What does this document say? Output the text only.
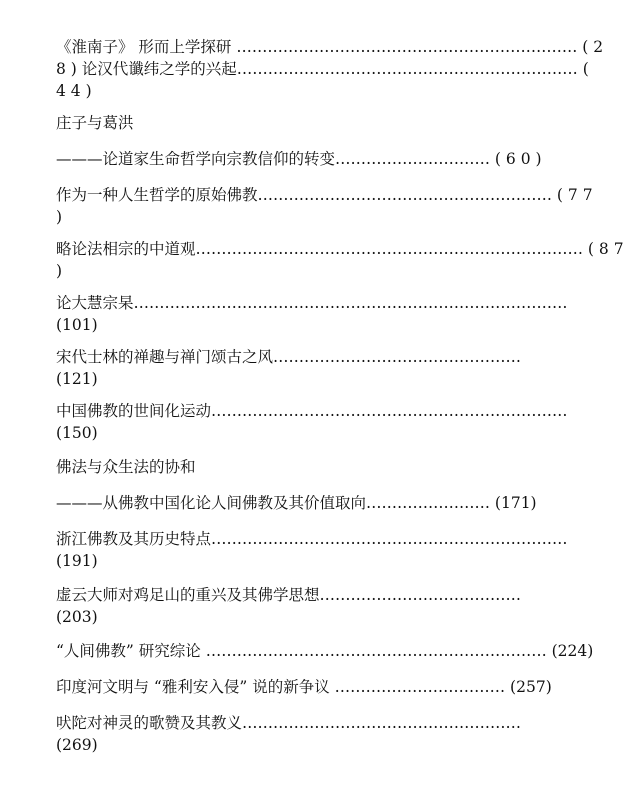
《淮南子》 形而上学探研 ………………………………………………………… ( 2
8 ) 论汉代谶纬之学的兴起………………………………………………………… (
4 4 )
庄子与葛洪
———论道家生命哲学向宗教信仰的转变………………………… ( 6 0 )
作为一种人生哲学的原始佛教………………………………………………… ( 7 7
)
略论法相宗的中道观………………………………………………………………… ( 8 7
)
论大慧宗杲…………………………………………………………………………
(101)
宋代士林的禅趣与禅门颂古之风…………………………………………
(121)
中国佛教的世间化运动……………………………………………………………
(150)
佛法与众生法的协和
———从佛教中国化论人间佛教及其价值取向…………………… (171)
浙江佛教及其历史特点……………………………………………………………
(191)
虚云大师对鸡足山的重兴及其佛学思想…………………………………
(203)
“人间佛教” 研究综论 ………………………………………………………… (224)
印度河文明与 “雅利安入侵” 说的新争议 …………………………… (257)
吠陀对神灵的歌赞及其教义………………………………………………
(269)
